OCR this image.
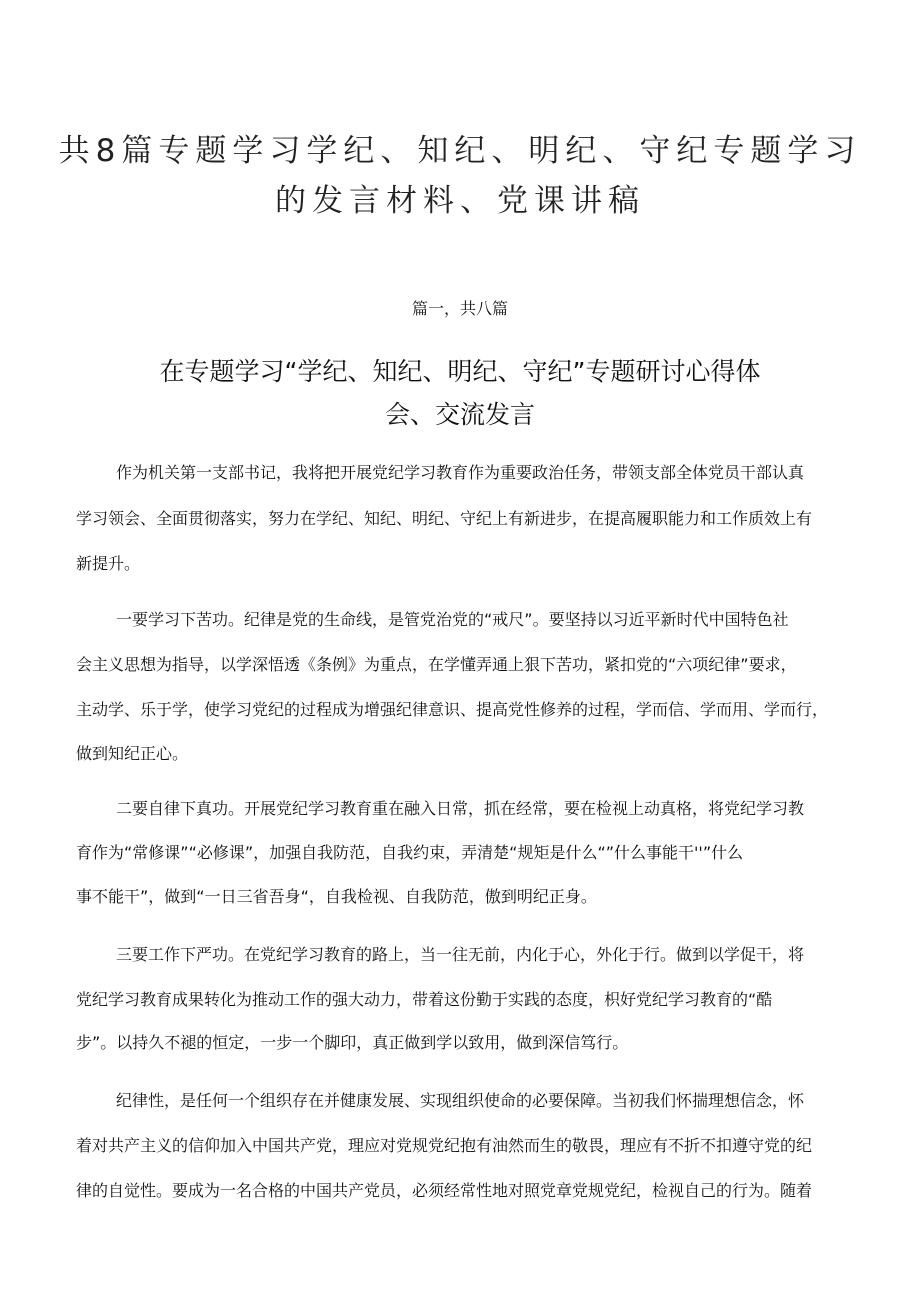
共8篇专题学习学纪、知纪、明纪、守纪专题学习
的发言材料、党课讲稿
篇一，共八篇
在专题学习“学纪、知纪、明纪、守纪”专题研讨心得体
会、交流发言
作为机关第一支部书记，我将把开展党纪学习教育作为重要政治任务，带领支部全体党员干部认真
学习领会、全面贯彻落实，努力在学纪、知纪、明纪、守纪上有新进步，在提高履职能力和工作质效上有
新提升。
一要学习下苦功。纪律是党的生命线，是管党治党的“戒尺”。要坚持以习近平新时代中国特色社
会主义思想为指导，以学深悟透《条例》为重点，在学懂弄通上狠下苦功，紧扣党的“六项纪律”要求，
主动学、乐于学，使学习党纪的过程成为增强纪律意识、提高党性修养的过程，学而信、学而用、学而行，
做到知纪正心。
二要自律下真功。开展党纪学习教育重在融入日常，抓在经常，要在检视上动真格，将党纪学习教
育作为“常修课”“必修课”，加强自我防范，自我约束，弄清楚“规矩是什么“”什么事能干''”什么
事不能干”，做到“一日三省吾身“，自我检视、自我防范，傲到明纪正身。
三要工作下严功。在党纪学习教育的路上，当一往无前，内化于心，外化于行。做到以学促干，将
党纪学习教育成果转化为推动工作的强大动力，带着这份勤于实践的态度，枳好党纪学习教育的“酷
步”。以持久不褪的恒定，一步一个脚印，真正做到学以致用，做到深信笃行。
纪律性，是任何一个组织存在并健康发展、实现组织使命的必要保障。当初我们怀揣理想信念，怀
着对共产主义的信仰加入中国共产党，理应对党规党纪抱有油然而生的敬畏，理应有不折不扣遵守党的纪
律的自觉性。要成为一名合格的中国共产党员，必须经常性地对照党章党规党纪，检视自己的行为。随着
